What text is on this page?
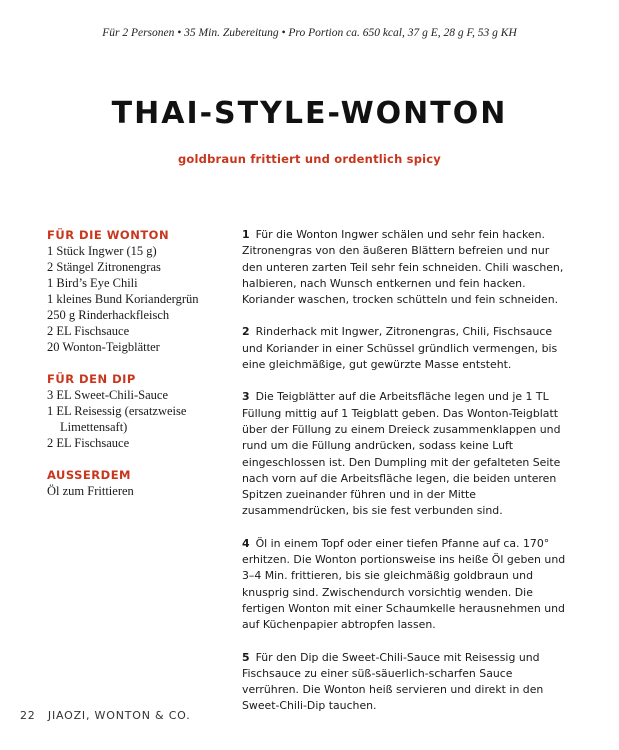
Für 2 Personen • 35 Min. Zubereitung • Pro Portion ca. 650 kcal, 37 g E, 28 g F, 53 g KH
THAI-STYLE-WONTON
goldbraun frittiert und ordentlich spicy
FÜR DIE WONTON
1 Stück Ingwer (15 g)
2 Stängel Zitronengras
1 Bird’s Eye Chili
1 kleines Bund Koriandergrün
250 g Rinderhackfleisch
2 EL Fischsauce
20 Wonton-Teigblätter
FÜR DEN DIP
3 EL Sweet-Chili-Sauce
1 EL Reisessig (ersatzweise Limettensaft)
2 EL Fischsauce
AUSSERDEM
Öl zum Frittieren

1 Für die Wonton Ingwer schälen und sehr fein hacken. Zitronengras von den äußeren Blättern befreien und nur den unteren zarten Teil sehr fein schneiden. Chili waschen, halbieren, nach Wunsch entkernen und fein hacken. Koriander waschen, trocken schütteln und fein schneiden.

2 Rinderhack mit Ingwer, Zitronengras, Chili, Fischsauce und Koriander in einer Schüssel gründlich vermengen, bis eine gleichmäßige, gut gewürzte Masse entsteht.

3 Die Teigblätter auf die Arbeitsfläche legen und je 1 TL Füllung mittig auf 1 Teigblatt geben. Das Wonton-Teigblatt über der Füllung zu einem Dreieck zusammenklappen und rund um die Füllung andrücken, sodass keine Luft eingeschlossen ist. Den Dumpling mit der gefalteten Seite nach vorn auf die Arbeitsfläche legen, die beiden unteren Spitzen zueinander führen und in der Mitte zusammendrücken, bis sie fest verbunden sind.

4 Öl in einem Topf oder einer tiefen Pfanne auf ca. 170° erhitzen. Die Wonton portionsweise ins heiße Öl geben und 3–4 Min. frittieren, bis sie gleichmäßig goldbraun und knusprig sind. Zwischendurch vorsichtig wenden. Die fertigen Wonton mit einer Schaumkelle herausnehmen und auf Küchenpapier abtropfen lassen.

5 Für den Dip die Sweet-Chili-Sauce mit Reisessig und Fischsauce zu einer süß-säuerlich-scharfen Sauce verrühren. Die Wonton heiß servieren und direkt in den Sweet-Chili-Dip tauchen.

22 JIAOZI, WONTON & CO.
